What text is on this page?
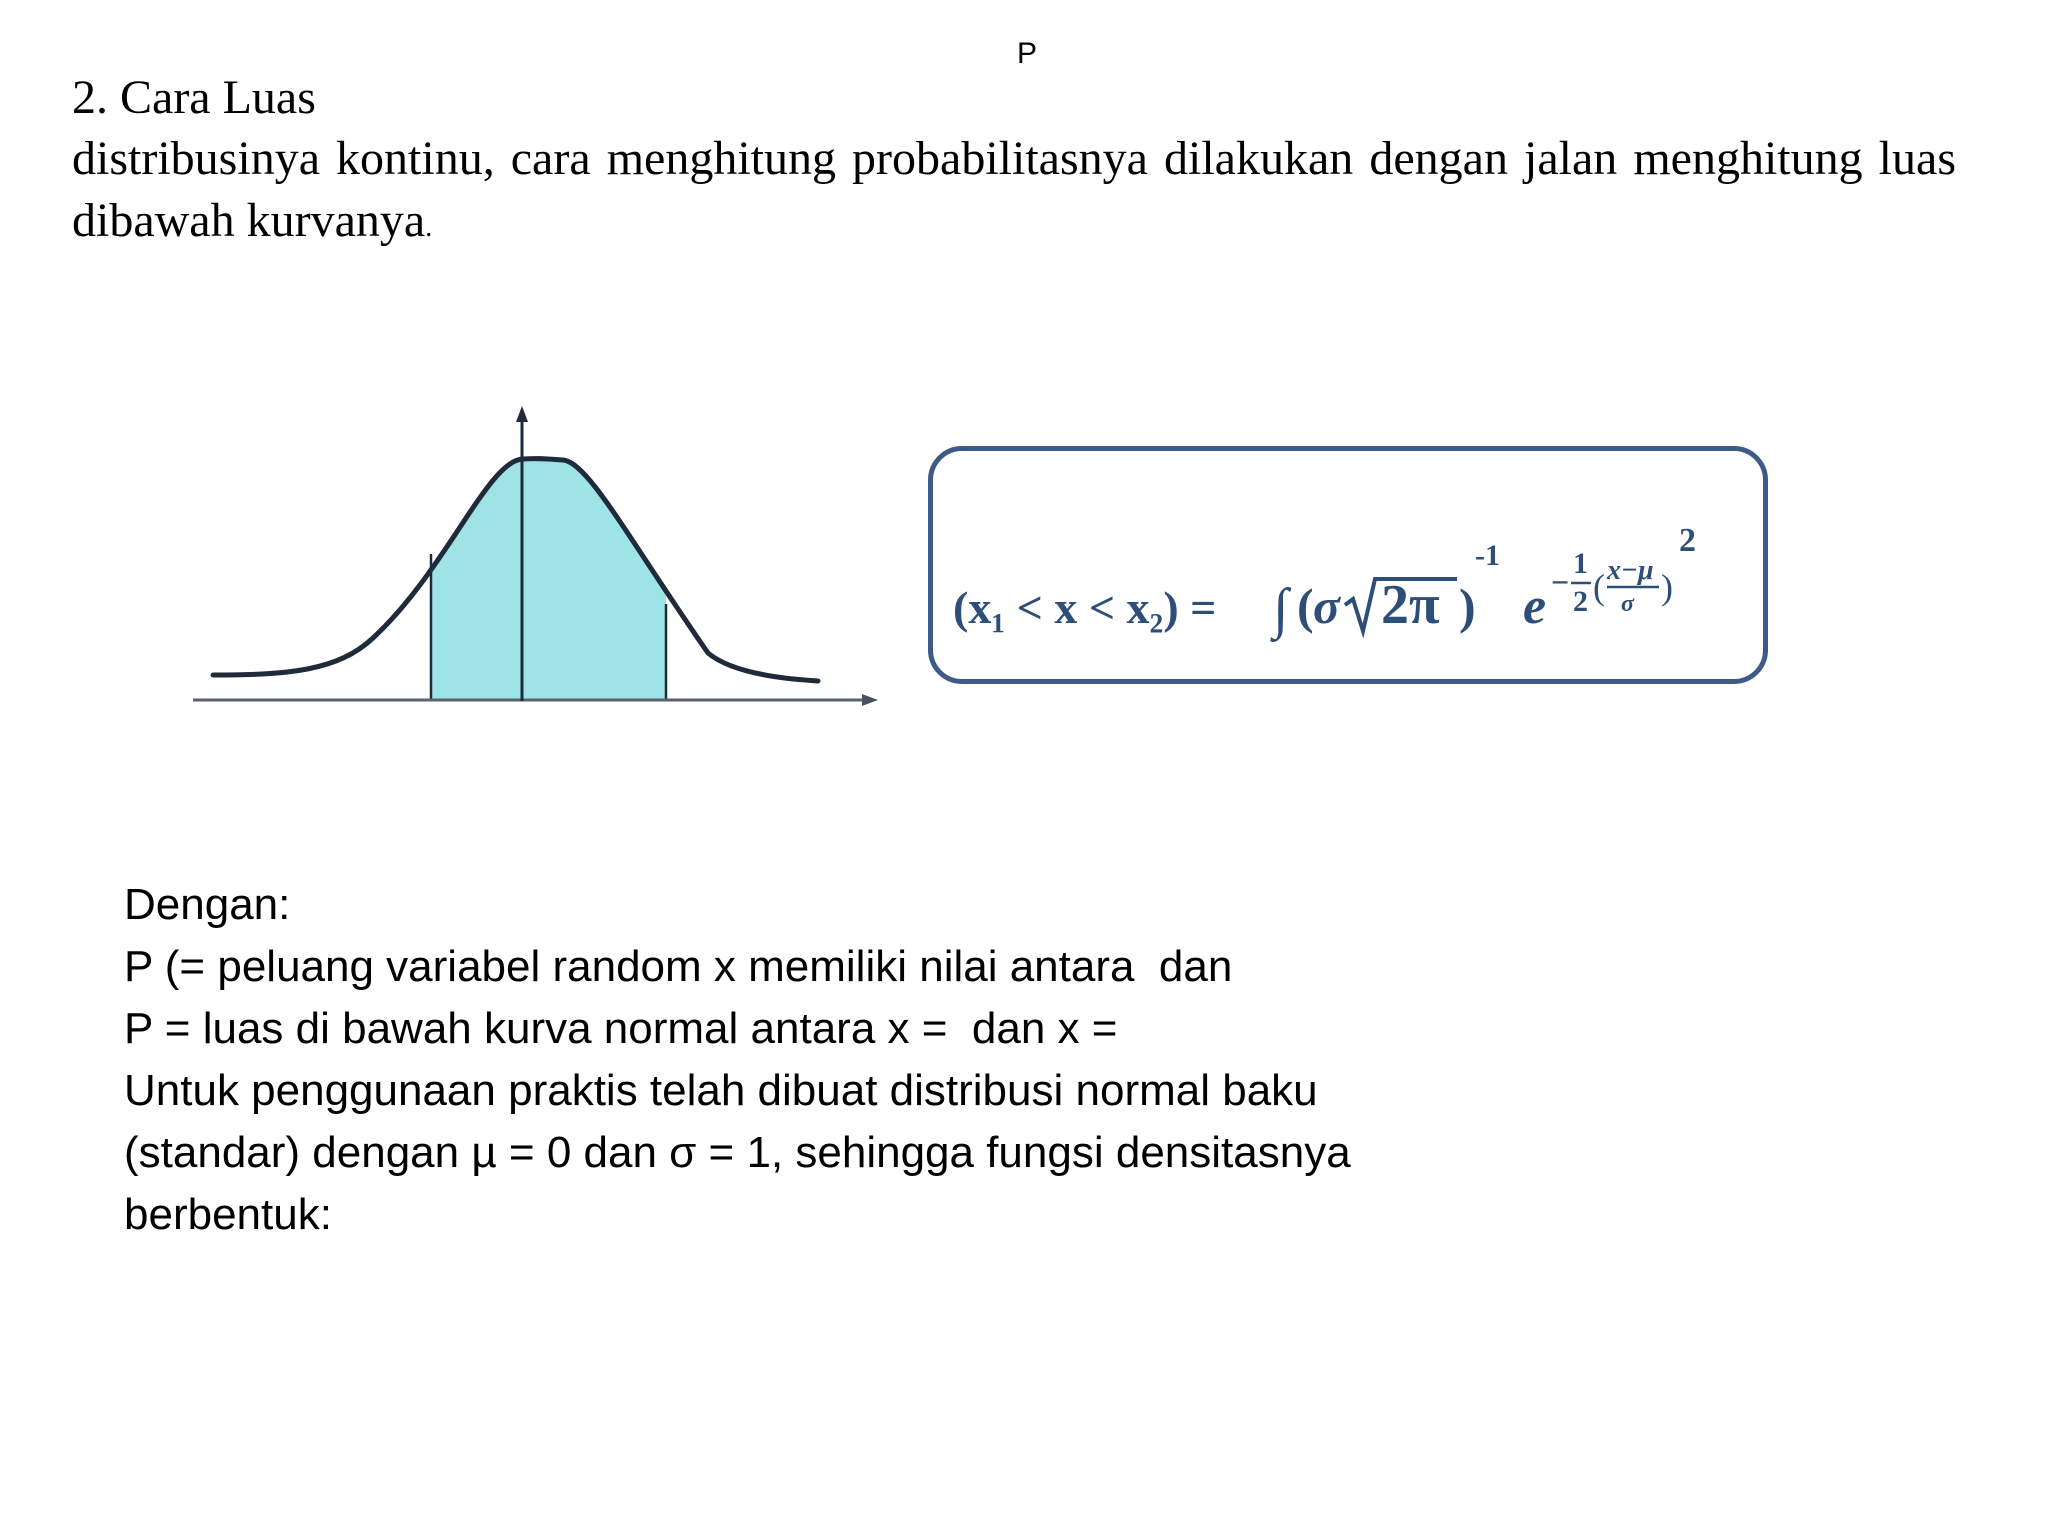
P
2. Cara Luas

distribusinya kontinu, cara menghitung probabilitasnya dilakukan dengan jalan menghitung luas dibawah kurvanya.

(x₁ < x < x₂) = ∫ ( σ 2π )
-1
e −
1
2 ( x−μ
σ )
2

Dengan:

P (= peluang variabel random x memiliki nilai antara  dan

P = luas di bawah kurva normal antara x =  dan x =

Untuk penggunaan praktis telah dibuat distribusi normal baku

(standar) dengan µ = 0 dan σ = 1, sehingga fungsi densitasnya

berbentuk:
